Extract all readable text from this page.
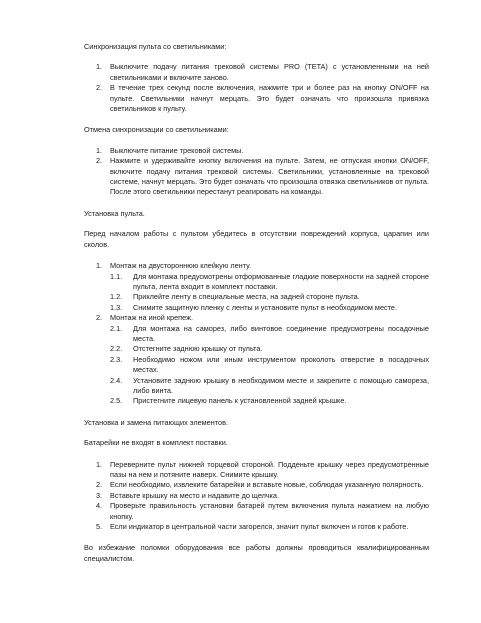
Синхронизация пульта со светильниками:

1. Выключите подачу питания трековой системы PRO (TETA) с установленными на ней светильниками и включите заново.
2. В течение трех секунд после включения, нажмите три и более раз на кнопку ON/OFF на пульте. Светильники начнут мерцать. Это будет означать что произошла привязка светильников к пульту.

Отмена синхронизации со светильниками:

1. Выключите питание трековой системы.
2. Нажмите и удерживайте кнопку включения на пульте. Затем, не отпуская кнопки ON/OFF, включите подачу питания трековой системы. Светильники, установленные на трековой системе, начнут мерцать. Это будет означать что произошла отвязка светильников от пульта. После этого светильники перестанут реагировать на команды.

Установка пульта.

Перед началом работы с пультом убедитесь в отсутствии повреждений корпуса, царапин или сколов.

1. Монтаж на двустороннюю клейкую ленту.
1.1. Для монтажа предусмотрены отформованные гладкие поверхности на задней стороне пульта, лента входит в комплект поставки.
1.2. Приклейте ленту в специальные места, на задней стороне пульта.
1.3. Снимите защитную пленку с ленты и установите пульт в необходимом месте.
2. Монтаж на иной крепеж.
2.1. Для монтажа на саморез, либо винтовое соединение предусмотрены посадочные места.
2.2. Отстегните заднюю крышку от пульта.
2.3. Необходимо ножом или иным инструментом проколоть отверстие в посадочных местах.
2.4. Установите заднюю крышку в необходимом месте и закрепите с помощью самореза, либо винта.
2.5. Пристегните лицевую панель к установленной задней крышке.

Установка и замена питающих элементов.

Батарейки не входят в комплект поставки.

1. Переверните пульт нижней торцевой стороной. Подденьте крышку через предусмотренные пазы на нем и потяните наверх. Снимите крышку.
2. Если необходимо, извлеките батарейки и вставьте новые, соблюдая указанную полярность.
3. Вставьте крышку на место и надавите до щелчка.
4. Проверьте правильность установки батарей путем включения пульта нажатием на любую кнопку.
5. Если индикатор в центральной части загорелся, значит пульт включен и готов к работе.

Во избежание поломки оборудования все работы должны проводиться квалифицированным специалистом.
